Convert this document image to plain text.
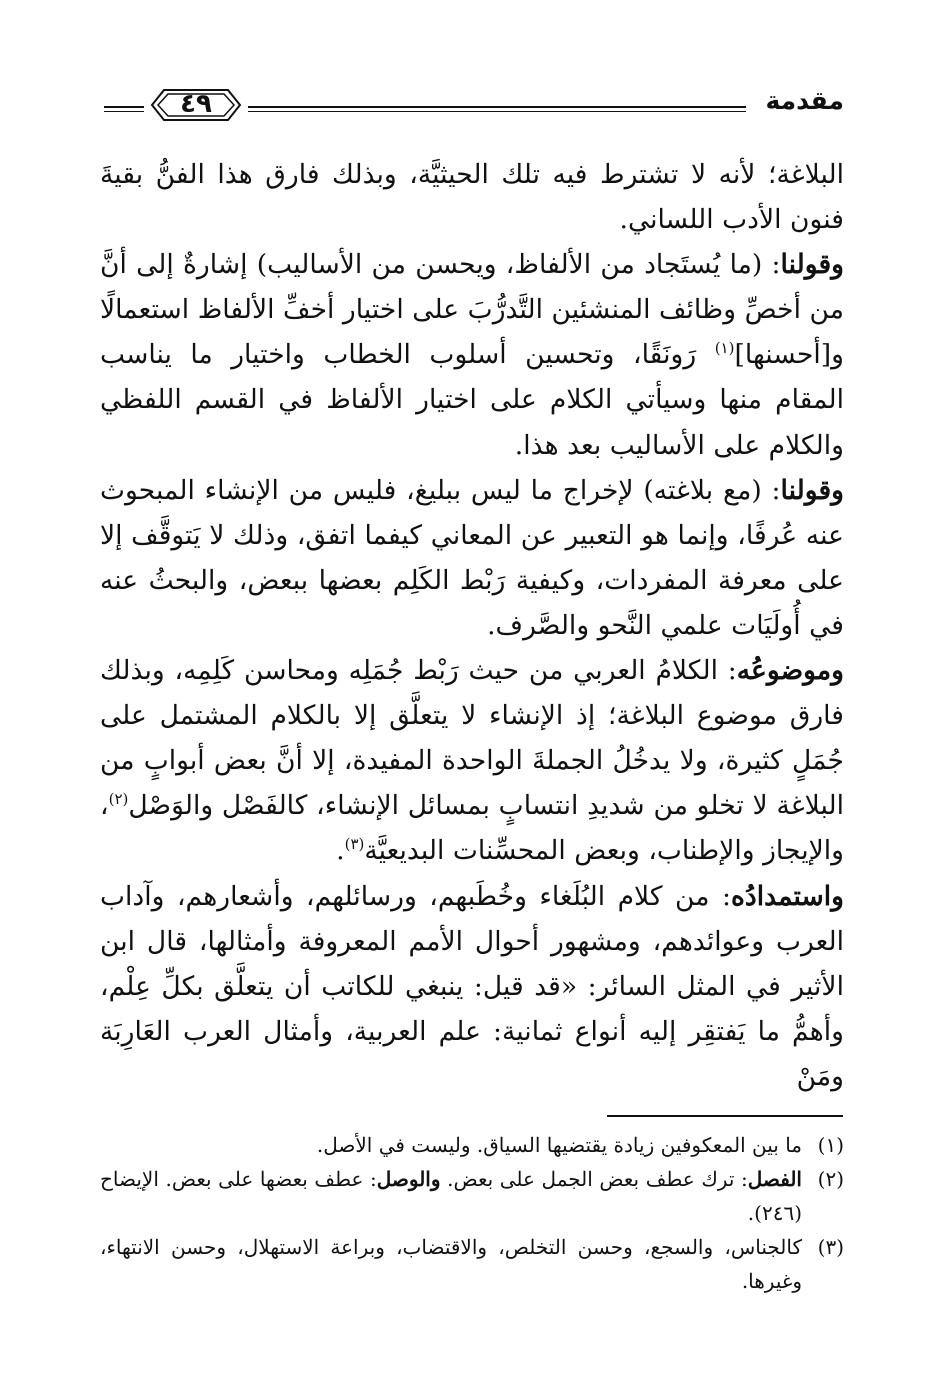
مقدمة
٤٩

البلاغة؛ لأنه لا تشترط فيه تلك الحيثيَّة، وبذلك فارق هذا الفنُّ بقيةَ فنون الأدب اللساني.

وقولنا: (ما يُستَجاد من الألفاظ، ويحسن من الأساليب) إشارةٌ إلى أنَّ من أخصِّ وظائف المنشئين التَّدرُّبَ على اختيار أخفِّ الألفاظ استعمالًا و[أحسنها]$^{(١)}$ رَونَقًا، وتحسين أسلوب الخطاب واختيار ما يناسب المقام منها وسيأتي الكلام على اختيار الألفاظ في القسم اللفظي والكلام على الأساليب بعد هذا.

وقولنا: (مع بلاغته) لإخراج ما ليس ببليغ، فليس من الإنشاء المبحوث عنه عُرفًا، وإنما هو التعبير عن المعاني كيفما اتفق، وذلك لا يَتوقَّف إلا على معرفة المفردات، وكيفية رَبْط الكَلِم بعضها ببعض، والبحثُ عنه في أُولَيَات علمي النَّحو والصَّرف.

وموضوعُه: الكلامُ العربي من حيث رَبْط جُمَلِه ومحاسن كَلِمِه، وبذلك فارق موضوع البلاغة؛ إذ الإنشاء لا يتعلَّق إلا بالكلام المشتمل على جُمَلٍ كثيرة، ولا يدخُلُ الجملةَ الواحدة المفيدة، إلا أنَّ بعض أبوابٍ من البلاغة لا تخلو من شديدِ انتسابٍ بمسائل الإنشاء، كالفَصْل والوَصْل$^{(٢)}$، والإيجاز والإطناب، وبعض المحسِّنات البديعيَّة$^{(٣)}$.

واستمدادُه: من كلام البُلَغاء وخُطَبهم، ورسائلهم، وأشعارهم، وآداب العرب وعوائدهم، ومشهور أحوال الأمم المعروفة وأمثالها، قال ابن الأثير في المثل السائر: «قد قيل: ينبغي للكاتب أن يتعلَّق بكلِّ عِلْم، وأهمُّ ما يَفتقِر إليه أنواع ثمانية: علم العربية، وأمثال العرب العَارِبَة ومَنْ

(١)
ما بين المعكوفين زيادة يقتضيها السياق. وليست في الأصل.
(٢)
الفصل: ترك عطف بعض الجمل على بعض. والوصل: عطف بعضها على بعض. الإيضاح (٢٤٦).
(٣)
كالجناس، والسجع، وحسن التخلص، والاقتضاب، وبراعة الاستهلال، وحسن الانتهاء، وغيرها.
